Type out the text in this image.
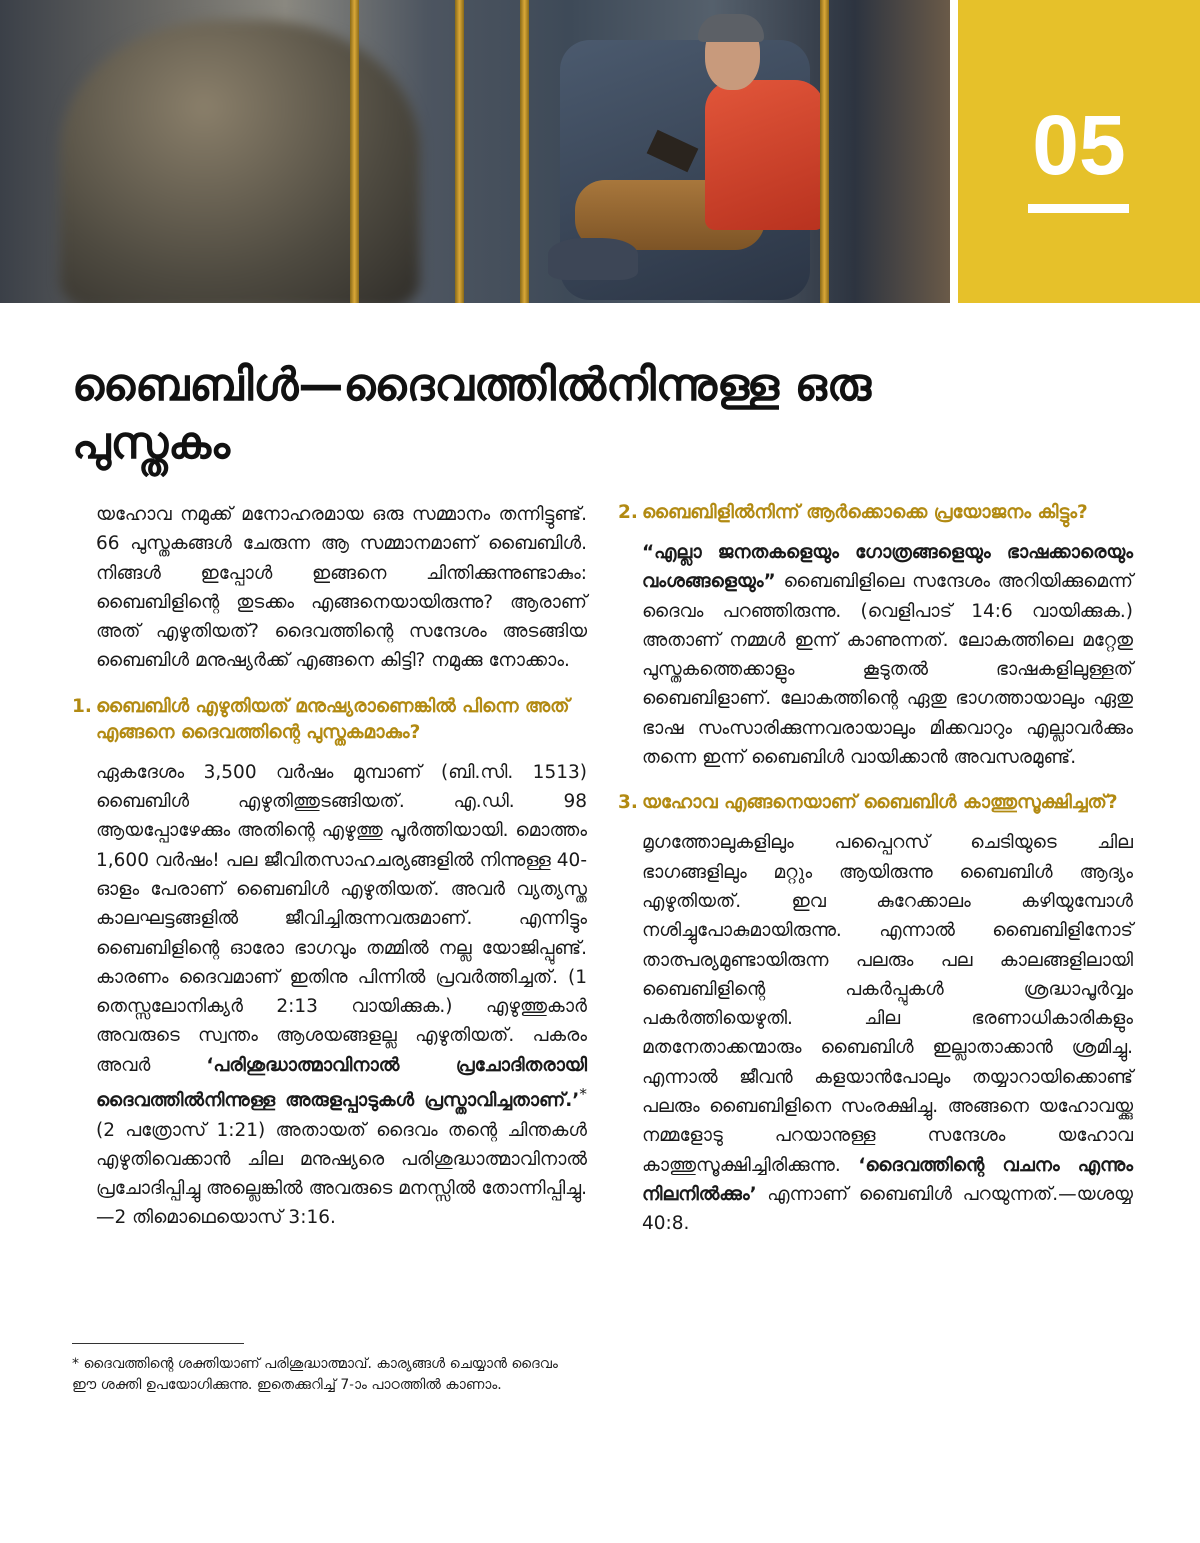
05
ബൈബിൾ—ദൈവത്തിൽനിന്നുള്ള ഒരു പുസ്തകം

യഹോവ നമുക്ക് മനോഹരമായ ഒരു സമ്മാനം തന്നിട്ടുണ്ട്. 66 പുസ്തകങ്ങൾ ചേരുന്ന ആ സമ്മാനമാണ് ബൈബിൾ. നിങ്ങൾ ഇപ്പോൾ ഇങ്ങനെ ചിന്തിക്കുന്നുണ്ടാകും: ബൈബിളിന്റെ തുടക്കം എങ്ങനെയായിരുന്നു? ആരാണ് അത് എഴുതിയത്? ദൈവത്തിന്റെ സന്ദേശം അടങ്ങിയ ബൈബിൾ മനുഷ്യർക്ക് എങ്ങനെ കിട്ടി? നമുക്കു നോക്കാം.

1. ബൈബിൾ എഴുതിയത് മനുഷ്യരാണെങ്കിൽ പിന്നെ അത് എങ്ങനെ ദൈവത്തിന്റെ പുസ്തകമാകും?

ഏകദേശം 3,500 വർഷം മുമ്പാണ് (ബി.സി. 1513) ബൈബിൾ എഴുതിത്തുടങ്ങിയത്. എ.ഡി. 98 ആയപ്പോഴേക്കും അതിന്റെ എഴുത്തു പൂർത്തിയായി. മൊത്തം 1,600 വർഷം! പല ജീവിതസാഹചര്യങ്ങളിൽ നിന്നുള്ള 40-ഓളം പേരാണ് ബൈബിൾ എഴുതിയത്. അവർ വ്യത്യസ്ത കാലഘട്ടങ്ങളിൽ ജീവിച്ചിരുന്നവരുമാണ്. എന്നിട്ടും ബൈബിളിന്റെ ഓരോ ഭാഗവും തമ്മിൽ നല്ല യോജിപ്പുണ്ട്. കാരണം ദൈവമാണ് ഇതിനു പിന്നിൽ പ്രവർത്തിച്ചത്. (1 തെസ്സലോനിക്യർ 2:13 വായിക്കുക.) എഴുത്തുകാർ അവരുടെ സ്വന്തം ആശയങ്ങളല്ല എഴുതിയത്. പകരം അവർ ‘പരിശുദ്ധാത്മാവിനാൽ പ്രചോദിതരായി ദൈവത്തിൽനിന്നുള്ള അരുളപ്പാടുകൾ പ്രസ്താവിച്ചതാണ്.’* (2 പത്രോസ് 1:21) അതായത് ദൈവം തന്റെ ചിന്തകൾ എഴുതിവെക്കാൻ ചില മനുഷ്യരെ പരിശുദ്ധാത്മാവിനാൽ പ്രചോദിപ്പിച്ചു അല്ലെങ്കിൽ അവരുടെ മനസ്സിൽ തോന്നിപ്പിച്ചു.—2 തിമൊഥെയൊസ് 3:16.

2. ബൈബിളിൽനിന്ന് ആർക്കൊക്കെ പ്രയോജനം കിട്ടും?

“എല്ലാ ജനതകളെയും ഗോത്രങ്ങളെയും ഭാഷക്കാരെയും വംശങ്ങളെയും” ബൈബിളിലെ സന്ദേശം അറിയിക്കുമെന്ന് ദൈവം പറഞ്ഞിരുന്നു. (വെളിപാട് 14:6 വായിക്കുക.) അതാണ് നമ്മൾ ഇന്ന് കാണുന്നത്. ലോകത്തിലെ മറ്റേതു പുസ്തകത്തെക്കാളും കൂടുതൽ ഭാഷകളിലുള്ളത് ബൈബിളാണ്. ലോകത്തിന്റെ ഏതു ഭാഗത്തായാലും ഏതു ഭാഷ സംസാരിക്കുന്നവരായാലും മിക്കവാറും എല്ലാവർക്കും തന്നെ ഇന്ന് ബൈബിൾ വായിക്കാൻ അവസരമുണ്ട്.

3. യഹോവ എങ്ങനെയാണ് ബൈബിൾ കാത്തുസൂക്ഷിച്ചത്?

മൃഗത്തോലുകളിലും പപ്പൈറസ് ചെടിയുടെ ചില ഭാഗങ്ങളിലും മറ്റും ആയിരുന്നു ബൈബിൾ ആദ്യം എഴുതിയത്. ഇവ കുറേക്കാലം കഴിയുമ്പോൾ നശിച്ചുപോകുമായിരുന്നു. എന്നാൽ ബൈബിളിനോട് താത്പര്യമുണ്ടായിരുന്ന പലരും പല കാലങ്ങളിലായി ബൈബിളിന്റെ പകർപ്പുകൾ ശ്രദ്ധാപൂർവ്വം പകർത്തിയെഴുതി. ചില ഭരണാധികാരികളും മതനേതാക്കന്മാരും ബൈബിൾ ഇല്ലാതാക്കാൻ ശ്രമിച്ചു. എന്നാൽ ജീവൻ കളയാൻപോലും തയ്യാറായിക്കൊണ്ട് പലരും ബൈബിളിനെ സംരക്ഷിച്ചു. അങ്ങനെ യഹോവയ്ക്കു നമ്മളോടു പറയാനുള്ള സന്ദേശം യഹോവ കാത്തുസൂക്ഷിച്ചിരിക്കുന്നു. ‘ദൈവത്തിന്റെ വചനം എന്നും നിലനിൽക്കും’ എന്നാണ് ബൈബിൾ പറയുന്നത്.—യശയ്യ 40:8.

* ദൈവത്തിന്റെ ശക്തിയാണ് പരിശുദ്ധാത്മാവ്. കാര്യങ്ങൾ ചെയ്യാൻ ദൈവം ഈ ശക്തി ഉപയോഗിക്കുന്നു. ഇതെക്കുറിച്ച് 7-ാം പാഠത്തിൽ കാണാം.
